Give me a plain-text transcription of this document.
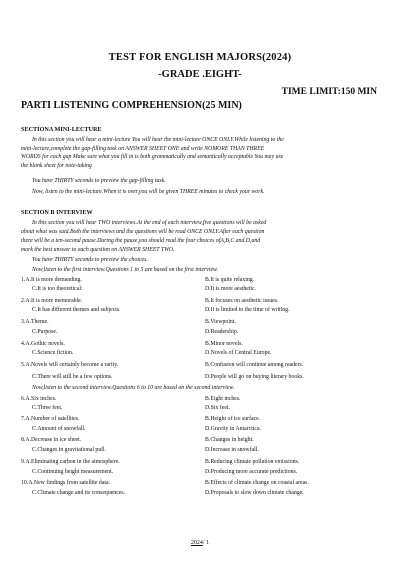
TEST FOR ENGLISH MAJORS(2024)
-GRADE .EIGHT-
TIME LIMIT:150 MIN
PARTI LISTENING COMPREHENSION(25 MIN)
SECTIONA MINI-LECTURE
In this section you will hear a mini-lecture You will hear the mini-lecture ONCE ONLY.While listening to the
mini-lecture,complete the gap-filling task on ANSWER SHEET ONE and write NOMORE THAN THREE
WORDS for each gap Make sure what you fill in is both grammatically and semantically acceptable You may use
the blank sheet for note-taking
You have THIRTY seconds to preview the gap-filling task.
Now, listen to the mini-lecture.When it is over,you will be given THREE minutes to check your work.
SECTION B INTERVIEW
In this section you will hear TWO interviews.At the end of each interview,five questions will be asked
about what was said.Both the interviews and the questions will be read ONCE ONLY.After each question
there will be a ten-second pause.During the pause,you should read the four choices ofA,B,C and D,and
mark the best answer to each question on ANSWER SHEET TWO.
You have THIRTY seconds to preview the choices.
Now,listen to the first interview.Questions 1 to 5 are based on the first interview.
1.A.It is more demanding.	B.It is quite relaxing.
C.It is too theoretical:	D.It is more aesthetic.
2.A.It is more memorable.	B.It focuses on aesthetic issues.
C.It has different themes and subjects.	D.It is limited to the time of writing.
3.A.Theme.	B.Viewpoint.
C.Purpose.	D.Readership.
4.A.Gothic novels.	B.Minor novels.
C.Science fiction.	D.Novels of Central Europe.
5.A.Novels will certainly become a rarity.	B.Confusion will continue among readers.
C.There will still be a few options.	D.People will go on buying literary books.
Now,listen to the second interview.Questions 6 to 10 are based on the second interview.
6.A.Six inches.	B.Eight inches.
C.Three feet.	D.Six feet.
7.A.Number of satellites.	B.Height of ice surface.
C.Amount of snowfall.	D.Gravity in Antarctica.
8.A.Decrease in ice sheet.	B.Changes in height.
C.Changes in gravitational pull.	D.Increase in snowfall.
9.A.Eliminating carbon in the atmosphere.	B.Reducing climate pollution emissions.
C.Continuing height measurement.	D.Producing more accurate predictions.
10.A.New findings from satellite data.	B.Effects of climate change on coastal areas.
C.Climate change and its consequences.	D.Proposals to slow down climate change.
2024/ 1
